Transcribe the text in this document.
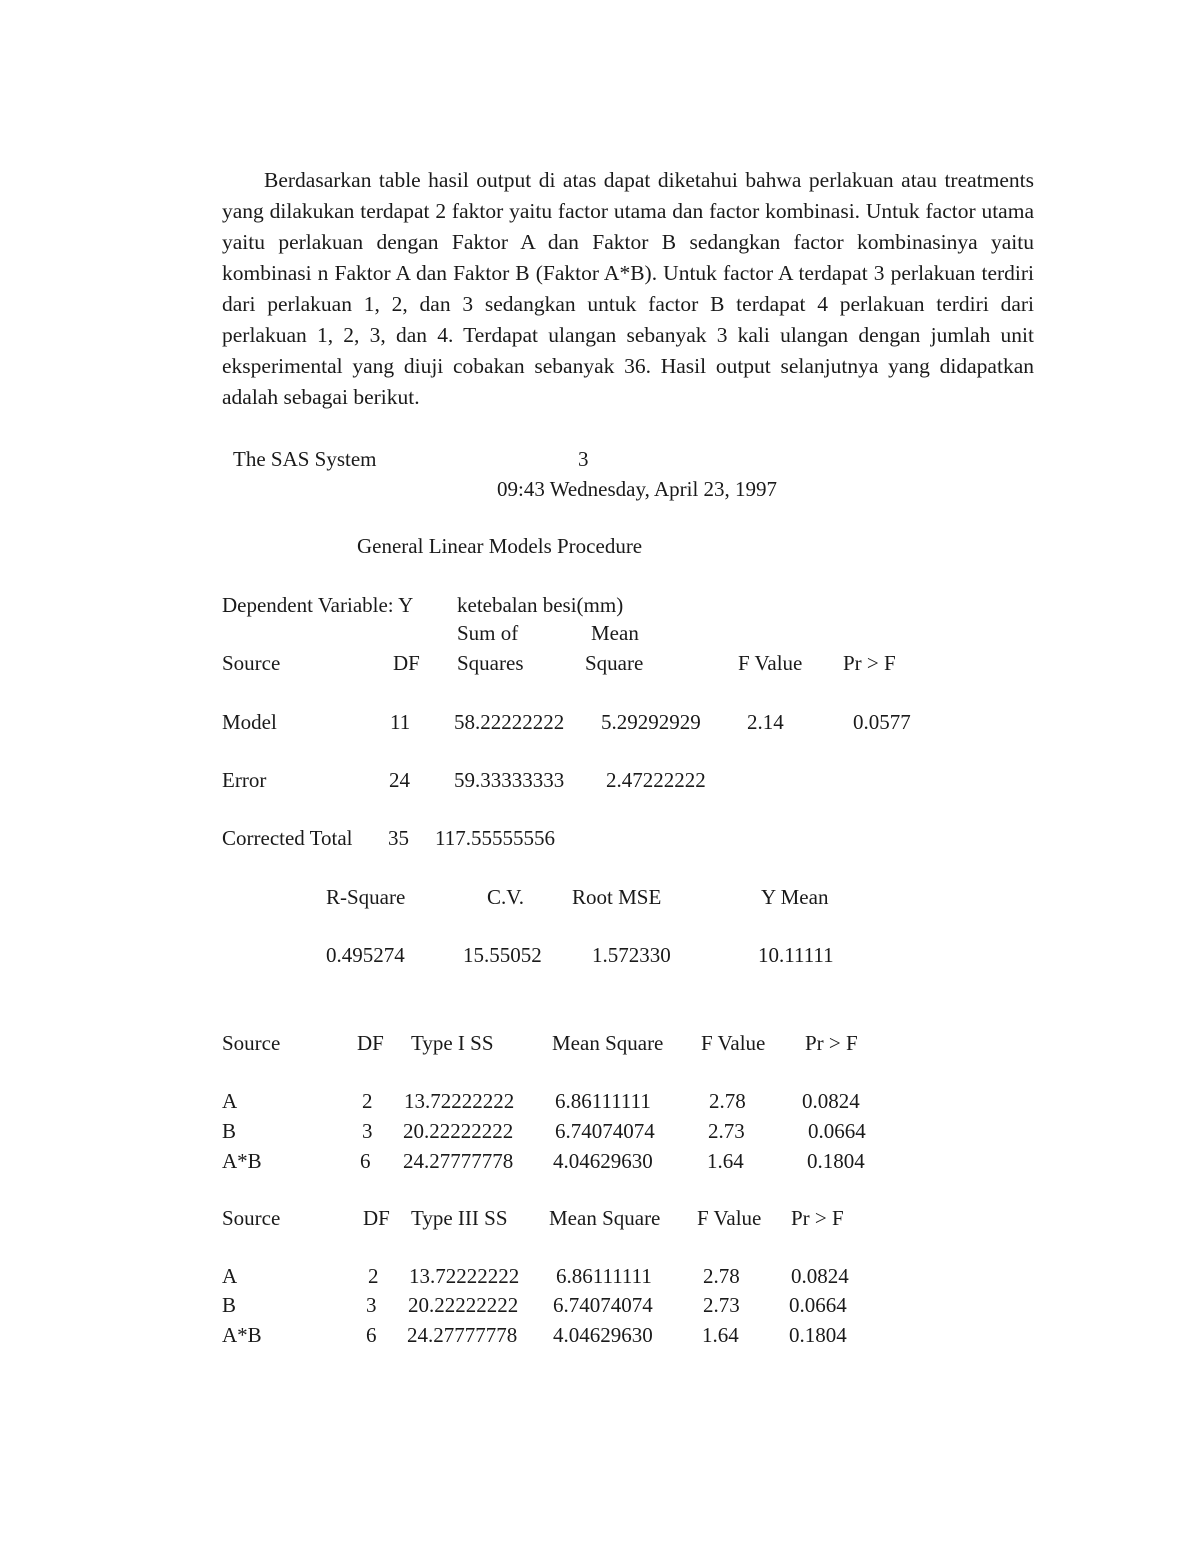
Berdasarkan table hasil output di atas dapat diketahui bahwa perlakuan atau treatments yang dilakukan terdapat 2 faktor yaitu factor utama dan factor kombinasi. Untuk factor utama yaitu perlakuan dengan Faktor A dan Faktor B sedangkan factor kombinasinya yaitu kombinasi n Faktor A dan Faktor B (Faktor A*B). Untuk factor A terdapat 3 perlakuan terdiri dari perlakuan 1, 2, dan 3 sedangkan untuk factor B terdapat 4 perlakuan terdiri dari perlakuan 1, 2, 3, dan 4. Terdapat ulangan sebanyak 3 kali ulangan dengan jumlah unit eksperimental yang diuji cobakan sebanyak 36. Hasil output selanjutnya yang didapatkan adalah sebagai berikut.

The SAS System	3
09:43 Wednesday, April 23, 1997
General Linear Models Procedure
Dependent Variable: Y ketebalan besi(mm)
Sum of	Mean
Source	DF Squares	Square	F Value Pr > F
Model	11 58.22222222 5.29292929 2.14	0.0577
Error	24 59.33333333 2.47222222
Corrected Total 35 117.55555556
R-Square	C.V. Root MSE	Y Mean
0.495274	15.55052 1.572330	10.11111
Source	DF Type I SS	Mean Square F Value Pr > F
A	2 13.72222222 6.86111111	2.78	0.0824
B	3 20.22222222 6.74074074	2.73	0.0664
A*B	6 24.27777778 4.04629630	1.64	0.1804
Source	DF Type III SS Mean Square F Value Pr > F
A	2 13.72222222 6.86111111 2.78 0.0824
B	3 20.22222222 6.74074074 2.73 0.0664
A*B	6 24.27777778 4.04629630 1.64 0.1804
